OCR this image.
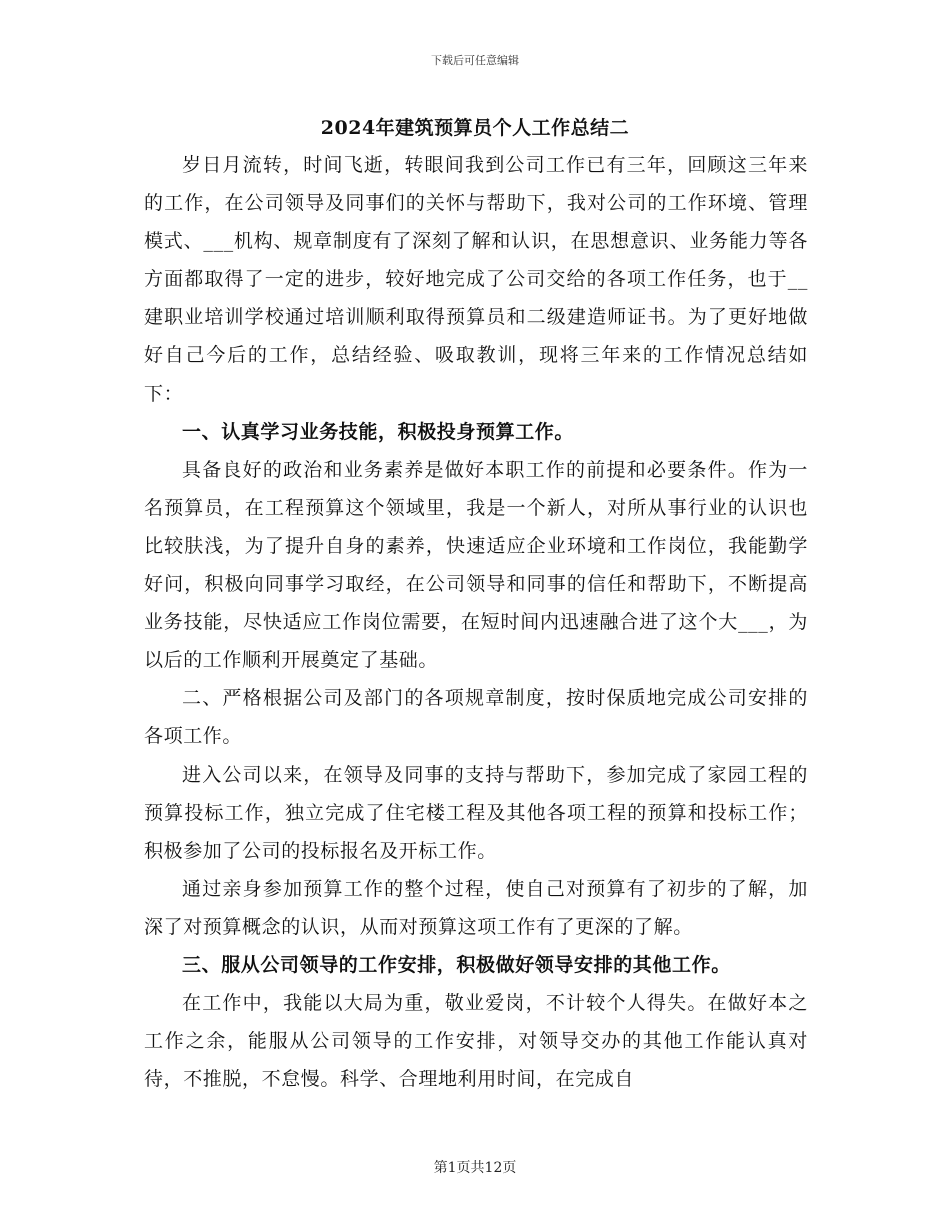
下载后可任意编辑
2024年建筑预算员个人工作总结二

岁日月流转，时间飞逝，转眼间我到公司工作已有三年，回顾这三年来的工作，在公司领导及同事们的关怀与帮助下，我对公司的工作环境、管理模式、___机构、规章制度有了深刻了解和认识，在思想意识、业务能力等各方面都取得了一定的进步，较好地完成了公司交给的各项工作任务，也于__建职业培训学校通过培训顺利取得预算员和二级建造师证书。为了更好地做好自己今后的工作，总结经验、吸取教训，现将三年来的工作情况总结如下：

一、认真学习业务技能，积极投身预算工作。

具备良好的政治和业务素养是做好本职工作的前提和必要条件。作为一名预算员，在工程预算这个领域里，我是一个新人，对所从事行业的认识也比较肤浅，为了提升自身的素养，快速适应企业环境和工作岗位，我能勤学好问，积极向同事学习取经，在公司领导和同事的信任和帮助下，不断提高业务技能，尽快适应工作岗位需要，在短时间内迅速融合进了这个大___，为以后的工作顺利开展奠定了基础。

二、严格根据公司及部门的各项规章制度，按时保质地完成公司安排的各项工作。

进入公司以来，在领导及同事的支持与帮助下，参加完成了家园工程的预算投标工作，独立完成了住宅楼工程及其他各项工程的预算和投标工作；积极参加了公司的投标报名及开标工作。

通过亲身参加预算工作的整个过程，使自己对预算有了初步的了解，加深了对预算概念的认识，从而对预算这项工作有了更深的了解。

三、服从公司领导的工作安排，积极做好领导安排的其他工作。

在工作中，我能以大局为重，敬业爱岗，不计较个人得失。在做好本之工作之余，能服从公司领导的工作安排，对领导交办的其他工作能认真对待，不推脱，不怠慢。科学、合理地利用时间，在完成自

第1页共12页
